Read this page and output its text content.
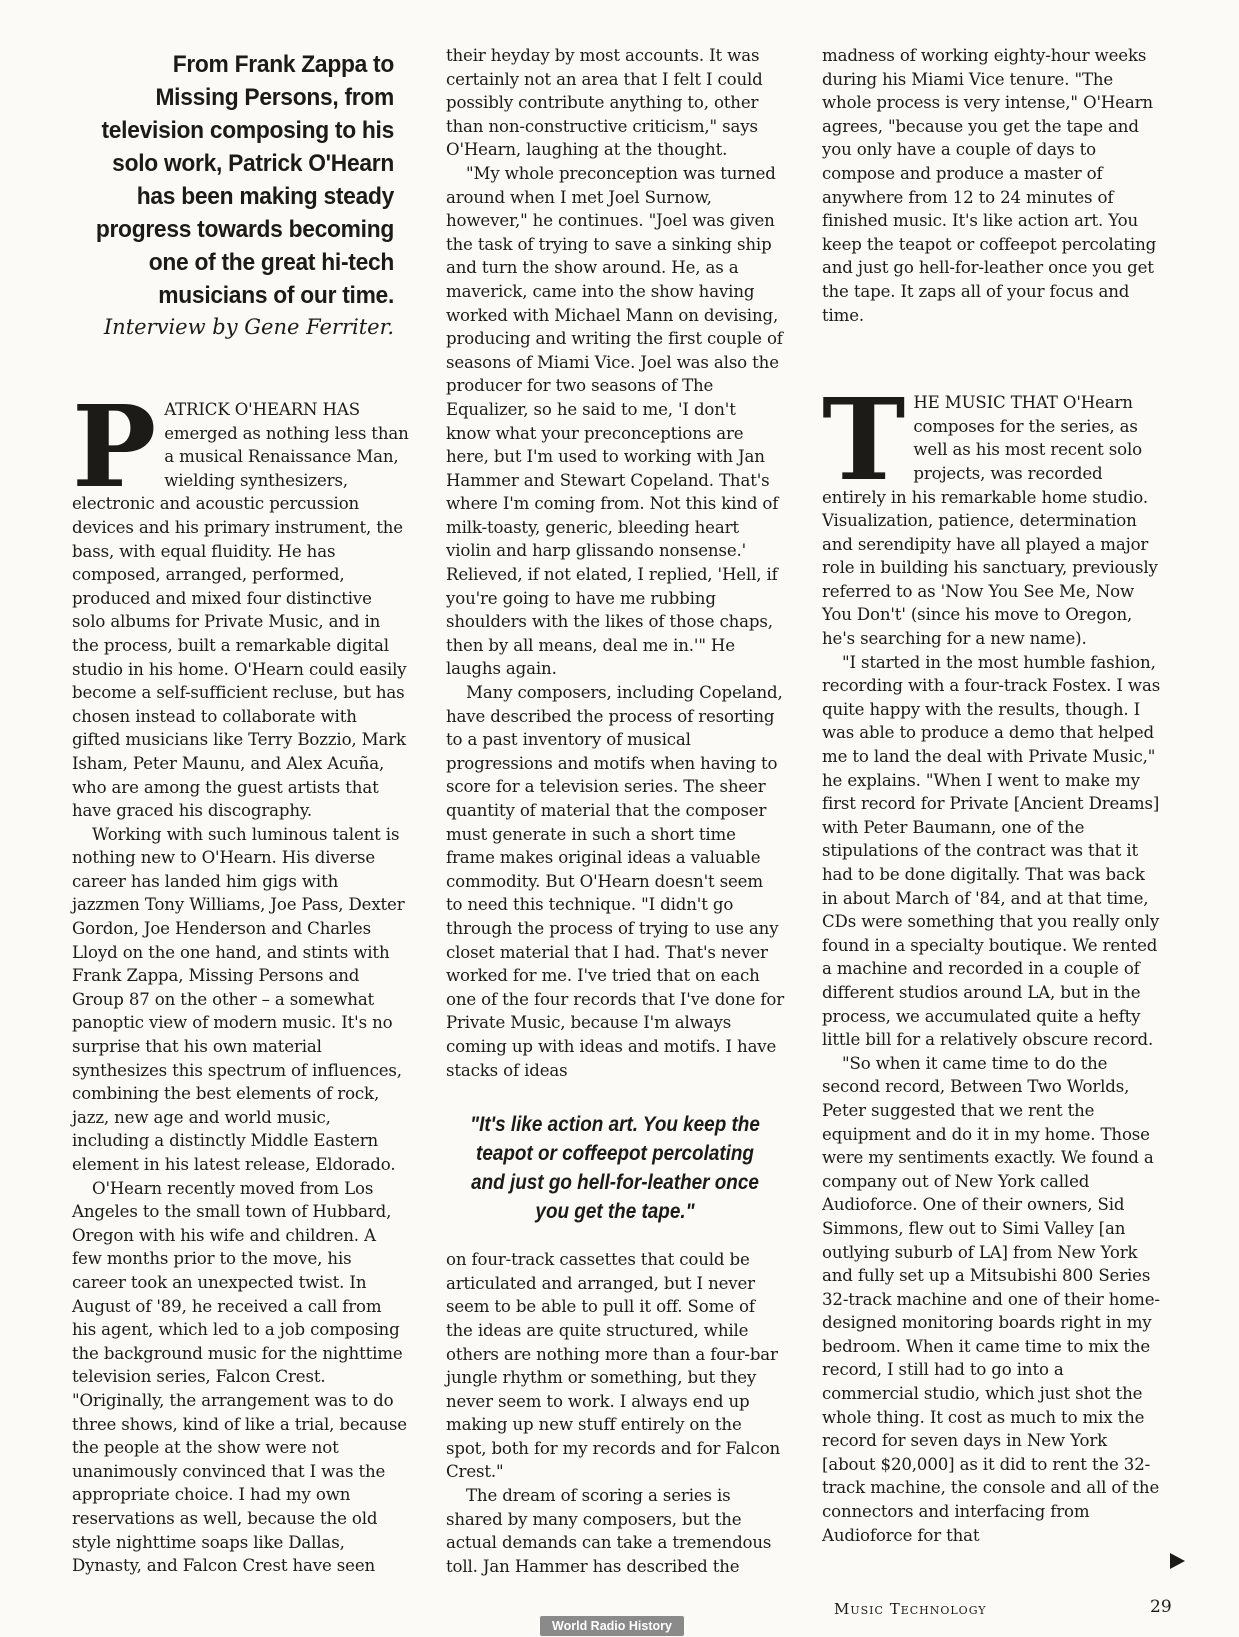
From Frank Zappa to Missing Persons, from television composing to his solo work, Patrick O'Hearn has been making steady progress towards becoming one of the great hi-tech musicians of our time.
Interview by Gene Ferriter.
P ATRICK O'HEARN HAS emerged as nothing less than a musical Renaissance Man, wielding synthesizers, electronic and acoustic percussion devices and his primary instrument, the bass, with equal fluidity. He has composed, arranged, performed, produced and mixed four distinctive solo albums for Private Music, and in the process, built a remarkable digital studio in his home. O'Hearn could easily become a self-sufficient recluse, but has chosen instead to collaborate with gifted musicians like Terry Bozzio, Mark Isham, Peter Maunu, and Alex Acuña, who are among the guest artists that have graced his discography.

Working with such luminous talent is nothing new to O'Hearn. His diverse career has landed him gigs with jazzmen Tony Williams, Joe Pass, Dexter Gordon, Joe Henderson and Charles Lloyd on the one hand, and stints with Frank Zappa, Missing Persons and Group 87 on the other – a somewhat panoptic view of modern music. It's no surprise that his own material synthesizes this spectrum of influences, combining the best elements of rock, jazz, new age and world music, including a distinctly Middle Eastern element in his latest release, Eldorado.

O'Hearn recently moved from Los Angeles to the small town of Hubbard, Oregon with his wife and children. A few months prior to the move, his career took an unexpected twist. In August of '89, he received a call from his agent, which led to a job composing the background music for the nighttime television series, Falcon Crest. "Originally, the arrangement was to do three shows, kind of like a trial, because the people at the show were not unanimously convinced that I was the appropriate choice. I had my own reservations as well, because the old style nighttime soaps like Dallas, Dynasty, and Falcon Crest have seen

their heyday by most accounts. It was certainly not an area that I felt I could possibly contribute anything to, other than non-constructive criticism," says O'Hearn, laughing at the thought.

"My whole preconception was turned around when I met Joel Surnow, however," he continues. "Joel was given the task of trying to save a sinking ship and turn the show around. He, as a maverick, came into the show having worked with Michael Mann on devising, producing and writing the first couple of seasons of Miami Vice. Joel was also the producer for two seasons of The Equalizer, so he said to me, 'I don't know what your preconceptions are here, but I'm used to working with Jan Hammer and Stewart Copeland. That's where I'm coming from. Not this kind of milk-toasty, generic, bleeding heart violin and harp glissando nonsense.' Relieved, if not elated, I replied, 'Hell, if you're going to have me rubbing shoulders with the likes of those chaps, then by all means, deal me in.'" He laughs again.

Many composers, including Copeland, have described the process of resorting to a past inventory of musical progressions and motifs when having to score for a television series. The sheer quantity of material that the composer must generate in such a short time frame makes original ideas a valuable commodity. But O'Hearn doesn't seem to need this technique. "I didn't go through the process of trying to use any closet material that I had. That's never worked for me. I've tried that on each one of the four records that I've done for Private Music, because I'm always coming up with ideas and motifs. I have stacks of ideas

"It's like action art. You keep the teapot or coffeepot percolating and just go hell-for-leather once you get the tape."

on four-track cassettes that could be articulated and arranged, but I never seem to be able to pull it off. Some of the ideas are quite structured, while others are nothing more than a four-bar jungle rhythm or something, but they never seem to work. I always end up making up new stuff entirely on the spot, both for my records and for Falcon Crest."

The dream of scoring a series is shared by many composers, but the actual demands can take a tremendous toll. Jan Hammer has described the

madness of working eighty-hour weeks during his Miami Vice tenure. "The whole process is very intense," O'Hearn agrees, "because you get the tape and you only have a couple of days to compose and produce a master of anywhere from 12 to 24 minutes of finished music. It's like action art. You keep the teapot or coffeepot percolating and just go hell-for-leather once you get the tape. It zaps all of your focus and time.

T HE MUSIC THAT O'Hearn composes for the series, as well as his most recent solo projects, was recorded entirely in his remarkable home studio. Visualization, patience, determination and serendipity have all played a major role in building his sanctuary, previously referred to as 'Now You See Me, Now You Don't' (since his move to Oregon, he's searching for a new name).

"I started in the most humble fashion, recording with a four-track Fostex. I was quite happy with the results, though. I was able to produce a demo that helped me to land the deal with Private Music," he explains. "When I went to make my first record for Private [Ancient Dreams] with Peter Baumann, one of the stipulations of the contract was that it had to be done digitally. That was back in about March of '84, and at that time, CDs were something that you really only found in a specialty boutique. We rented a machine and recorded in a couple of different studios around LA, but in the process, we accumulated quite a hefty little bill for a relatively obscure record.

"So when it came time to do the second record, Between Two Worlds, Peter suggested that we rent the equipment and do it in my home. Those were my sentiments exactly. We found a company out of New York called Audioforce. One of their owners, Sid Simmons, flew out to Simi Valley [an outlying suburb of LA] from New York and fully set up a Mitsubishi 800 Series 32-track machine and one of their home-designed monitoring boards right in my bedroom. When it came time to mix the record, I still had to go into a commercial studio, which just shot the whole thing. It cost as much to mix the record for seven days in New York [about $20,000] as it did to rent the 32-track machine, the console and all of the connectors and interfacing from Audioforce for that

Music Technology	29
World Radio History
